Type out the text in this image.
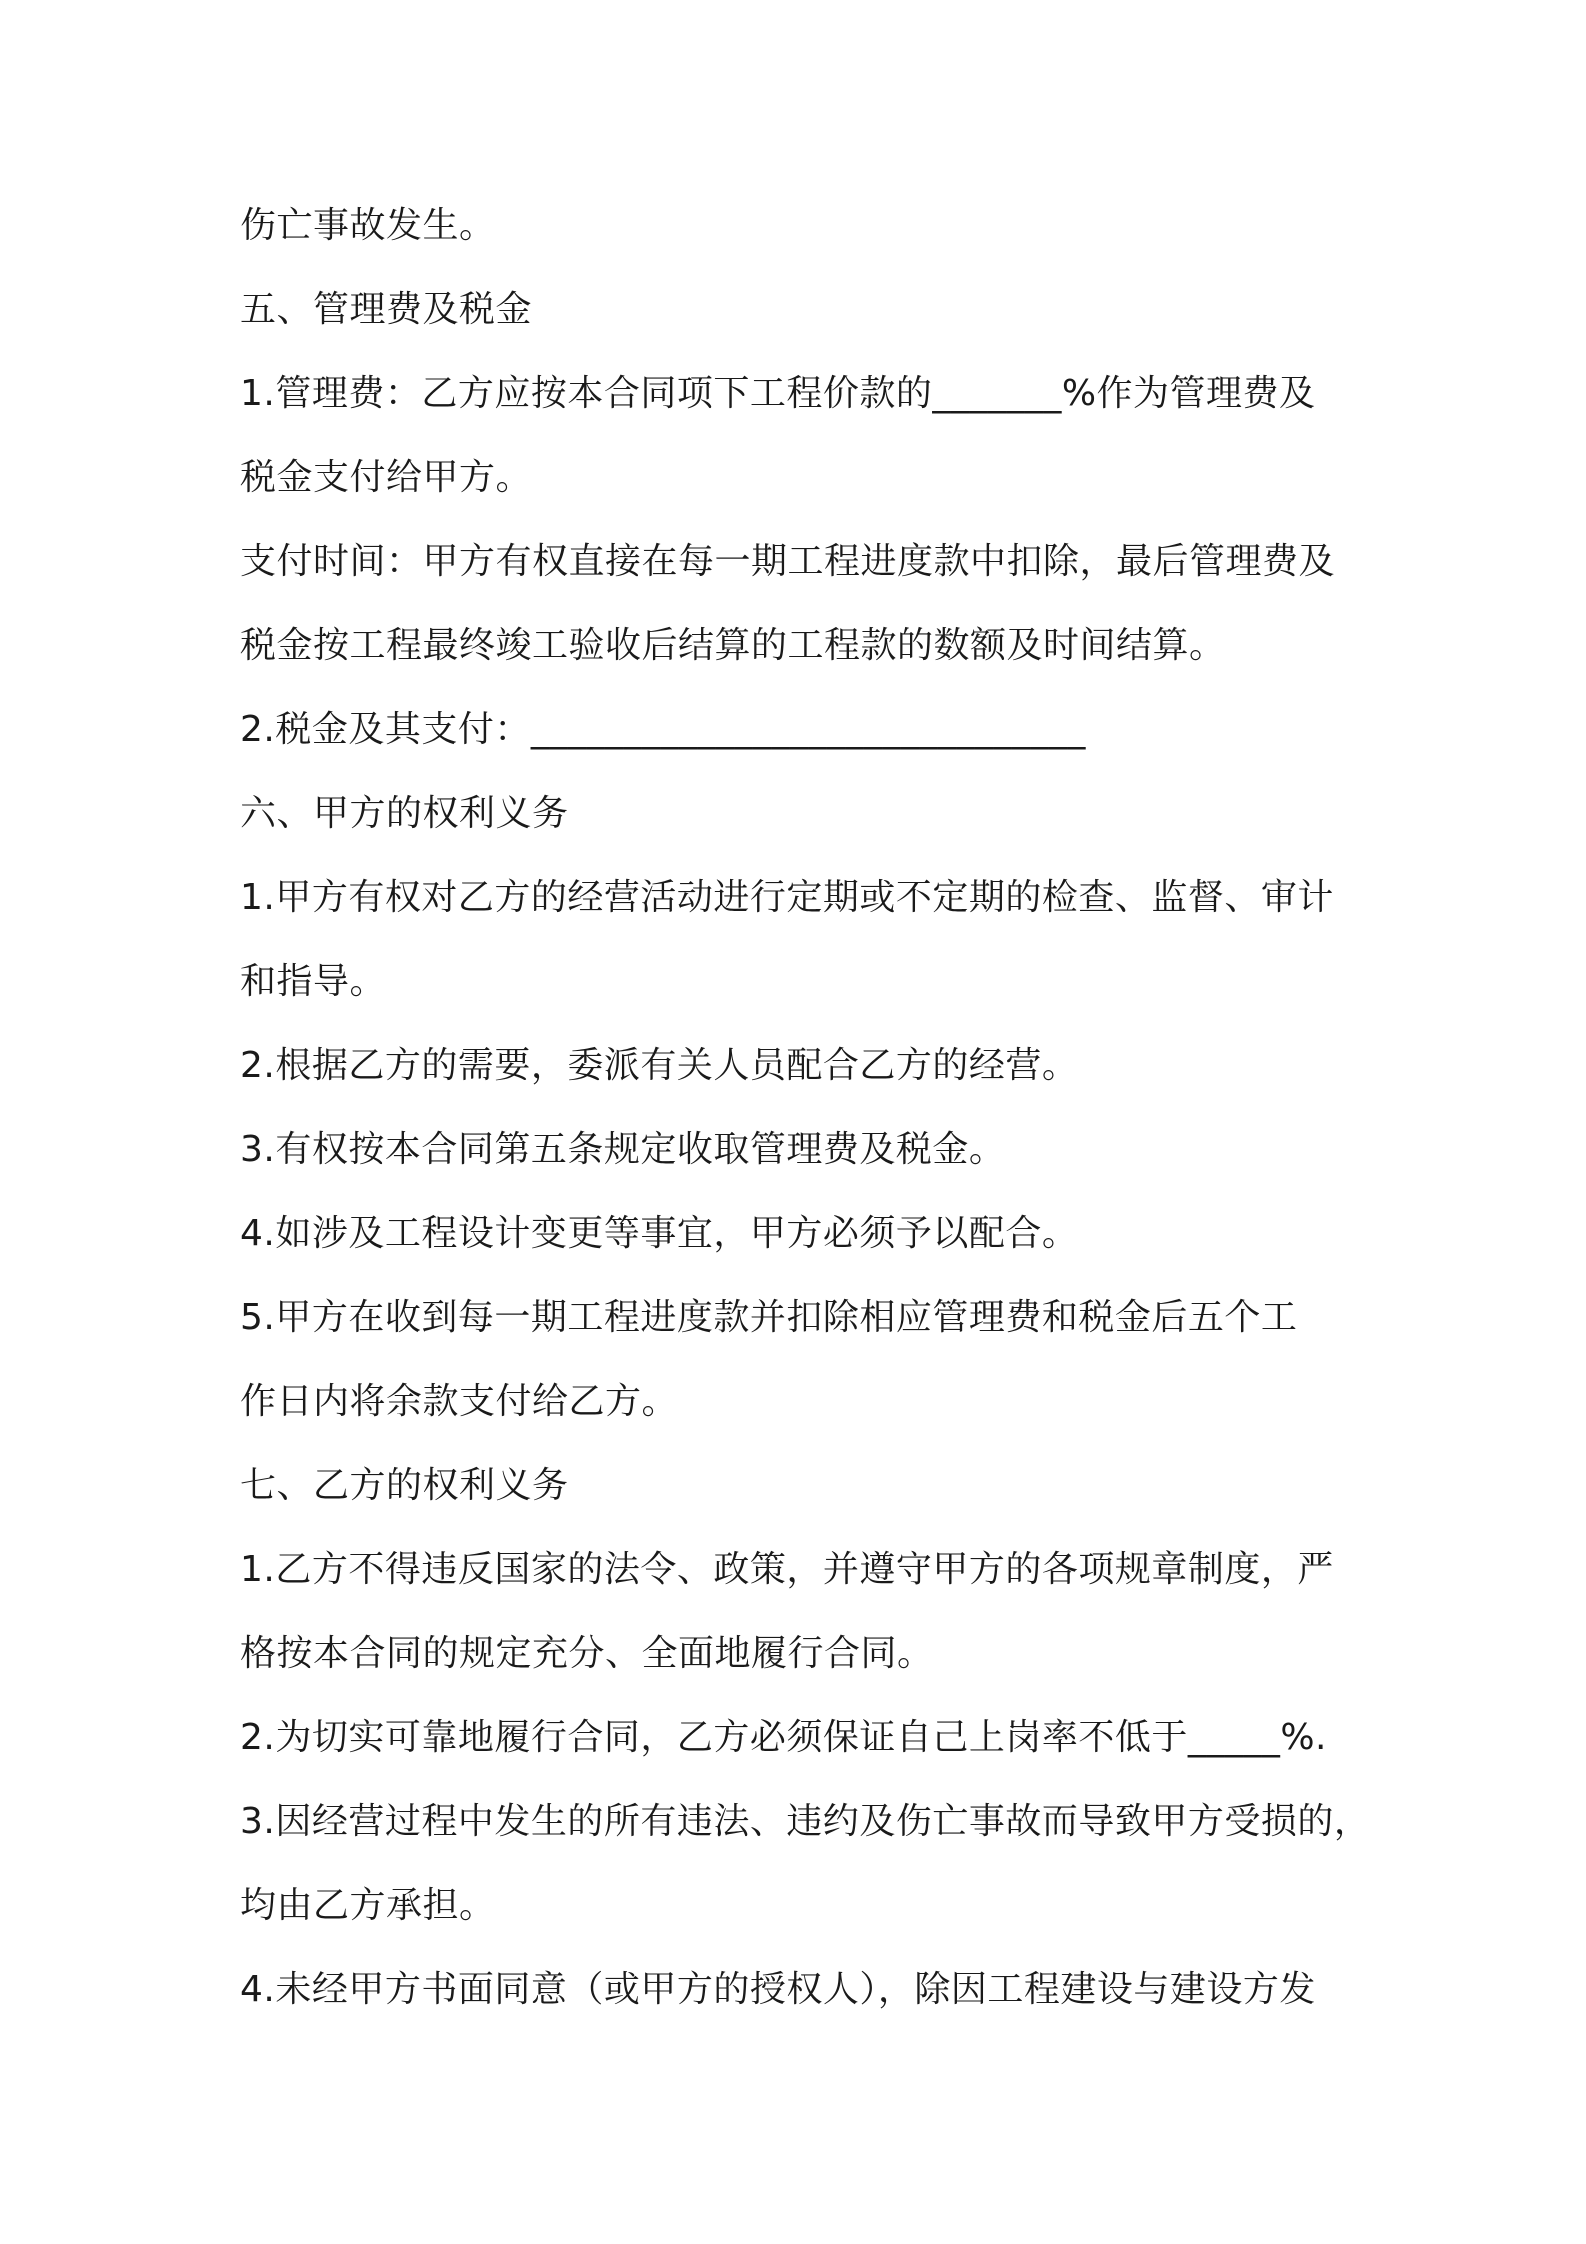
伤亡事故发生。
五、管理费及税金
1.管理费：乙方应按本合同项下工程价款的_______%作为管理费及
税金支付给甲方。
支付时间：甲方有权直接在每一期工程进度款中扣除，最后管理费及
税金按工程最终竣工验收后结算的工程款的数额及时间结算。
2.税金及其支付：______________________________
六、甲方的权利义务
1.甲方有权对乙方的经营活动进行定期或不定期的检查、监督、审计
和指导。
2.根据乙方的需要，委派有关人员配合乙方的经营。
3.有权按本合同第五条规定收取管理费及税金。
4.如涉及工程设计变更等事宜，甲方必须予以配合。
5.甲方在收到每一期工程进度款并扣除相应管理费和税金后五个工
作日内将余款支付给乙方。
七、乙方的权利义务
1.乙方不得违反国家的法令、政策，并遵守甲方的各项规章制度，严
格按本合同的规定充分、全面地履行合同。
2.为切实可靠地履行合同，乙方必须保证自己上岗率不低于_____%.
3.因经营过程中发生的所有违法、违约及伤亡事故而导致甲方受损的，
均由乙方承担。
4.未经甲方书面同意（或甲方的授权人），除因工程建设与建设方发
